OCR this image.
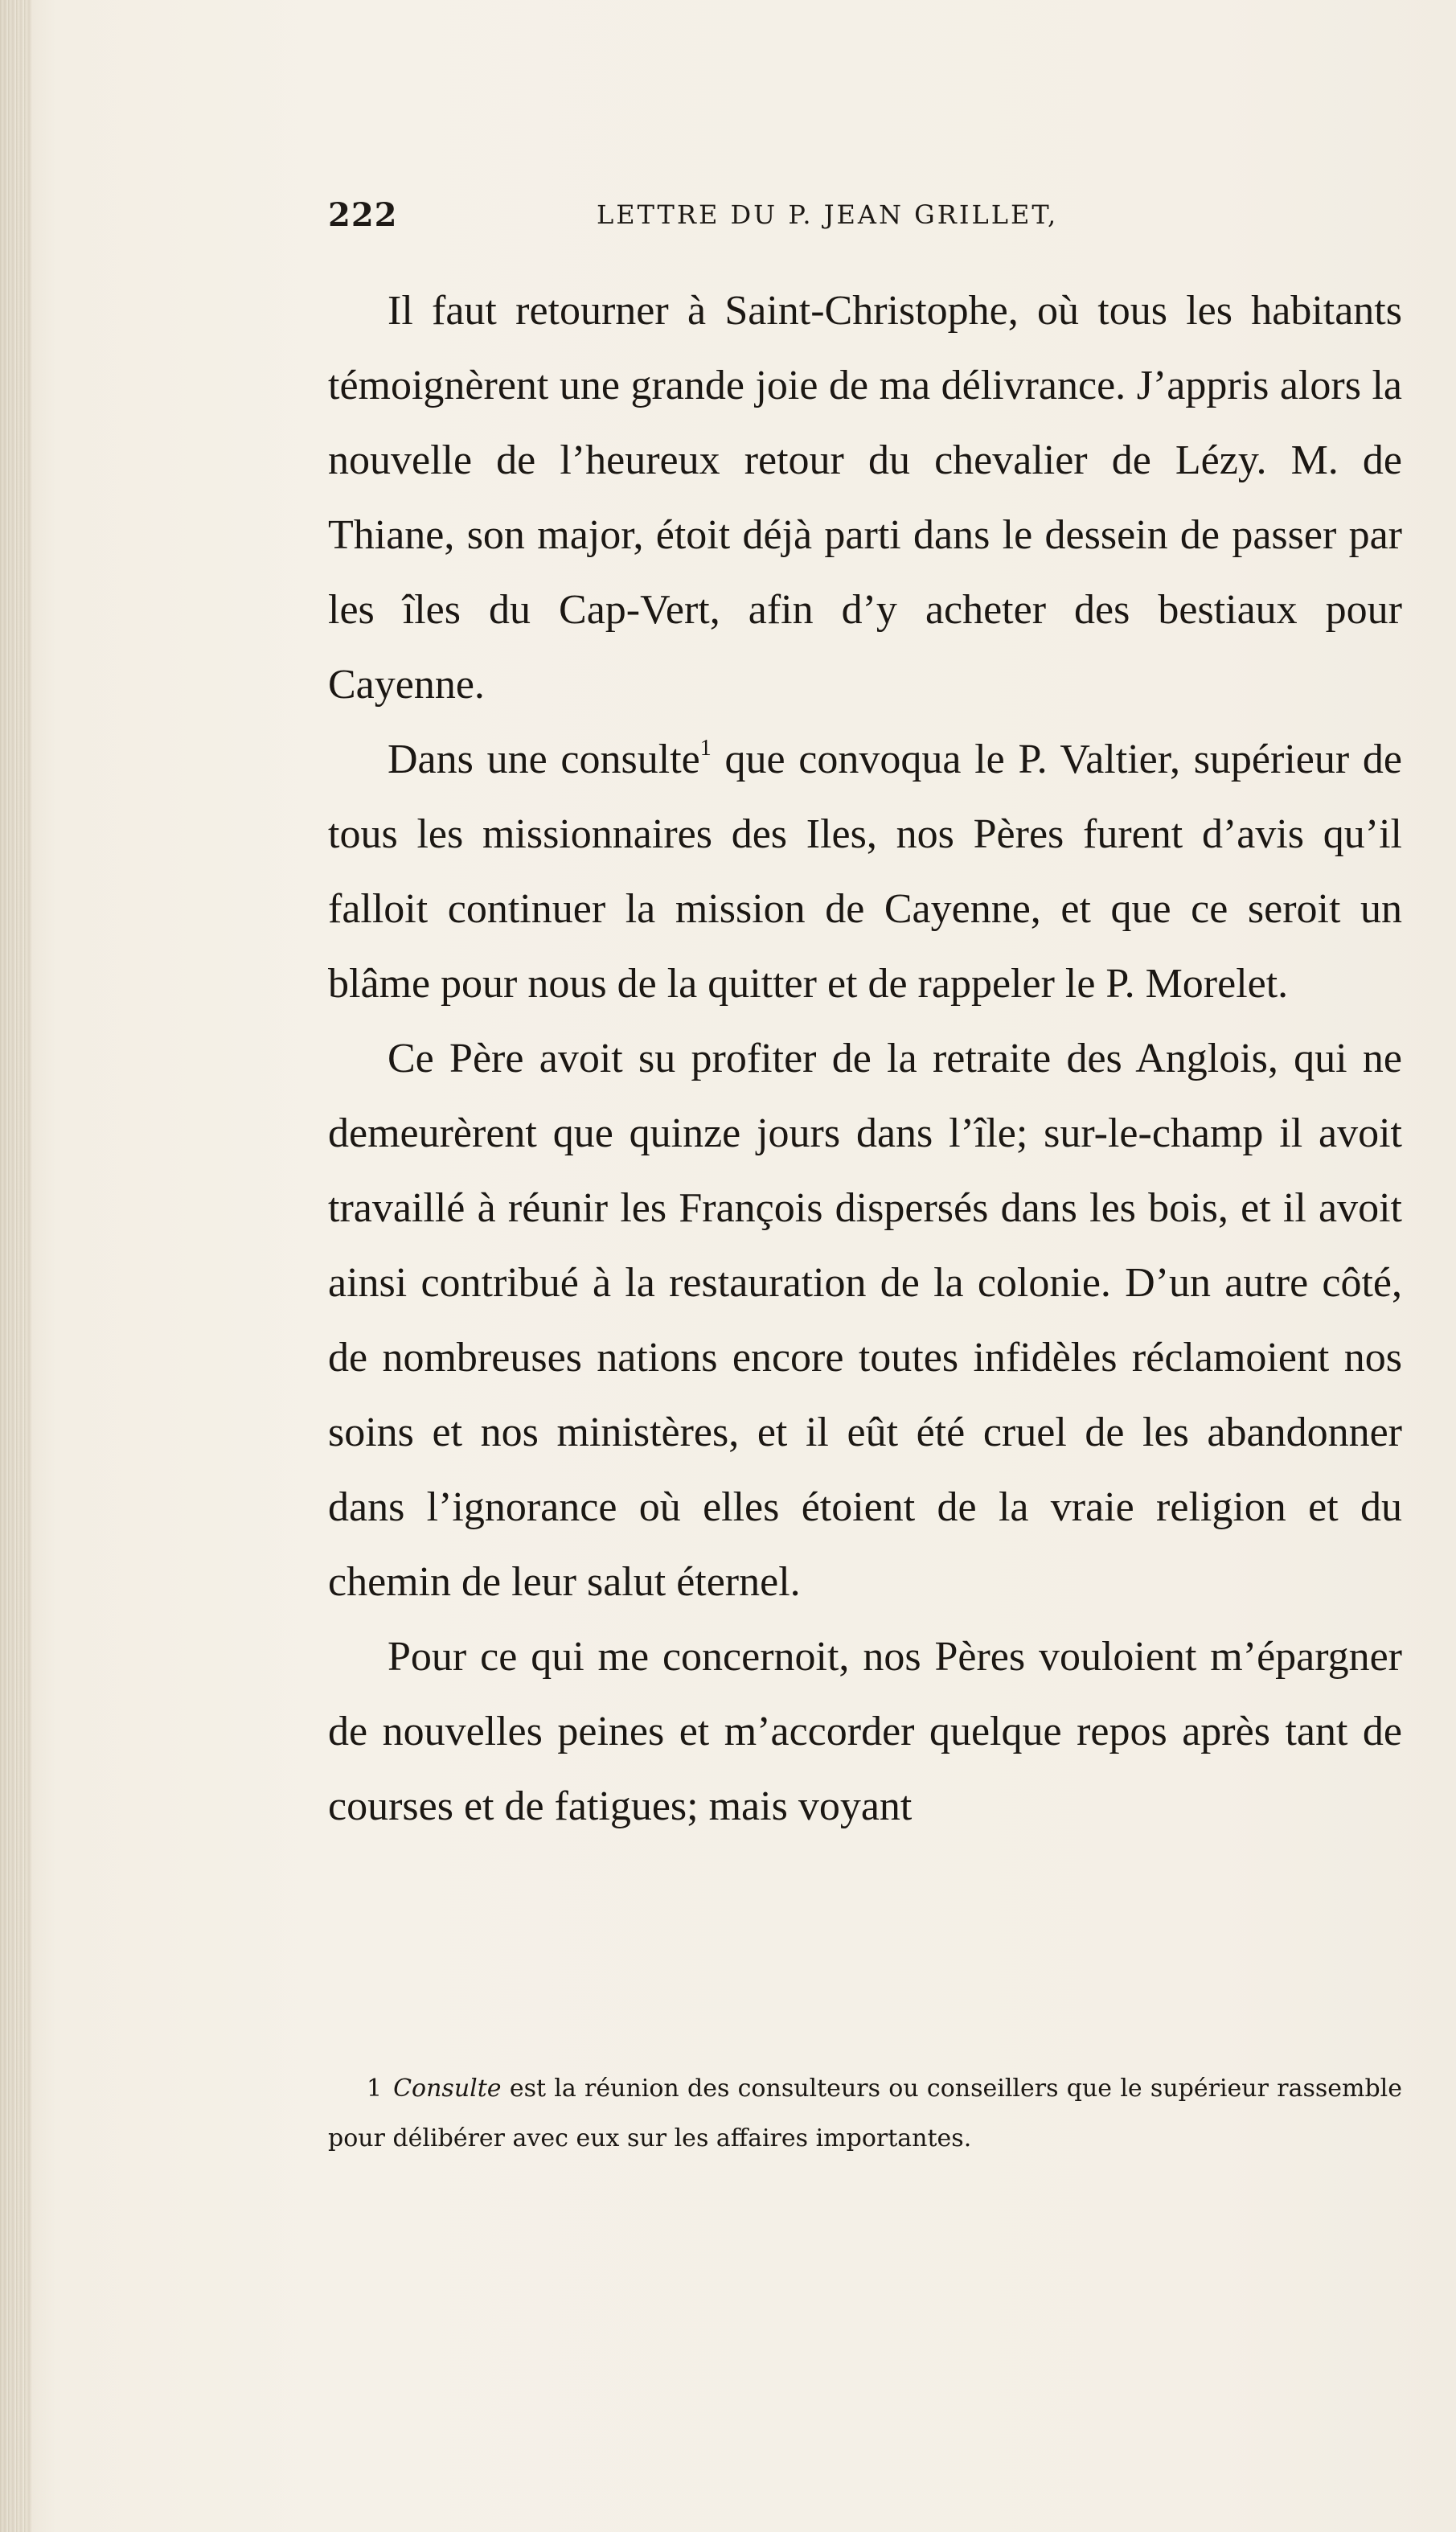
222	LETTRE DU P. JEAN GRILLET,

Il faut retourner à Saint-Christophe, où tous les habitants témoignèrent une grande joie de ma délivrance. J’appris alors la nouvelle de l’heureux retour du chevalier de Lézy. M. de Thiane, son major, étoit déjà parti dans le dessein de passer par les îles du Cap-Vert, afin d’y acheter des bestiaux pour Cayenne.

Dans une consulte$^1$ que convoqua le P. Valtier, supérieur de tous les missionnaires des Iles, nos Pères furent d’avis qu’il falloit continuer la mission de Cayenne, et que ce seroit un blâme pour nous de la quitter et de rappeler le P. Morelet.

Ce Père avoit su profiter de la retraite des Anglois, qui ne demeurèrent que quinze jours dans l’île; sur-le-champ il avoit travaillé à réunir les François dispersés dans les bois, et il avoit ainsi contribué à la restauration de la colonie. D’un autre côté, de nombreuses nations encore toutes infidèles réclamoient nos soins et nos ministères, et il eût été cruel de les abandonner dans l’ignorance où elles étoient de la vraie religion et du chemin de leur salut éternel.

Pour ce qui me concernoit, nos Pères vouloient m’épargner de nouvelles peines et m’accorder quelque repos après tant de courses et de fatigues; mais voyant

1 Consulte est la réunion des consulteurs ou conseillers que le supérieur rassemble pour délibérer avec eux sur les affaires importantes.
